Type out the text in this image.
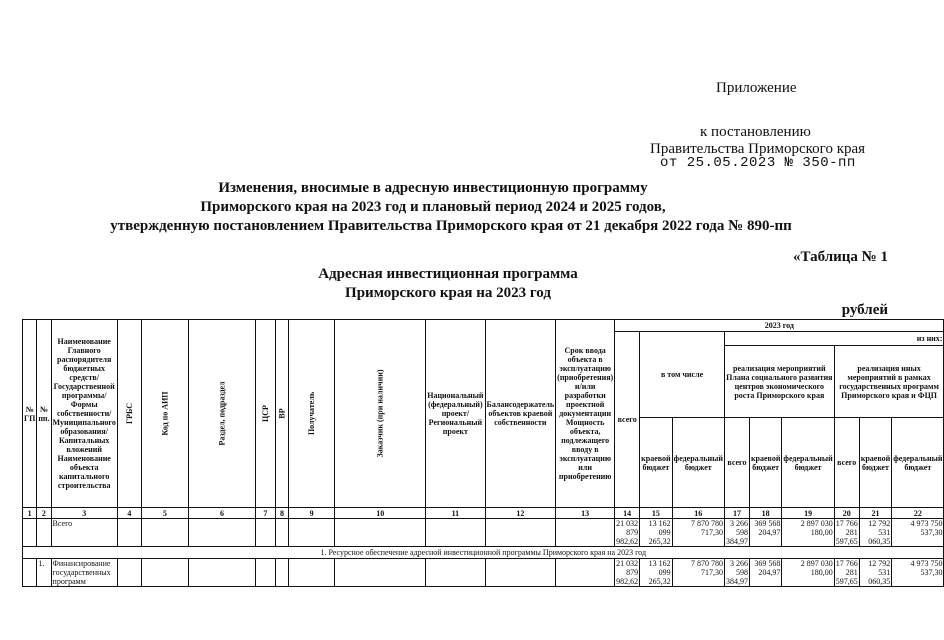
Приложение
к постановлению
Правительства Приморского края
от 25.05.2023 № 350-пп
Изменения, вносимые в адресную инвестиционную программу
Приморского края на 2023 год и плановый период 2024 и 2025 годов,
утвержденную постановлением Правительства Приморского края от 21 декабря 2022 года № 890-пп
«Таблица № 1
Адресная инвестиционная программа
Приморского края на 2023 год
рублей
№ ГП	№ пп.	Наименование Главного распорядителя бюджетных средств/Государственной программы/ Формы собственности/Муниципального образования/Капитальных вложений Наименование объекта капитального строительства	ГРБС	Код по АИП	Раздел, подраздел	ЦСР	ВР	Получатель	Заказчик (при наличии)	Национальный (федеральный) проект/ Региональный проект	Балансодержатель объектов краевой собственности	Срок ввода объекта в эксплуатацию (приобретения) и/или разработки проектной документации Мощность объекта, подлежащего вводу в эксплуатацию или приобретению	2023 год								
													всего	в том числе		из них:					
																реализация мероприятий Плана социального развития центров экономического роста Приморского края			реализация иных мероприятий в рамках государственных программ Приморского края и ФЦП		
														краевой бюджет	федеральный бюджет	всего	краевой бюджет	федеральный бюджет	всего	краевой бюджет	федеральный бюджет
1	2	3	4	5	6	7	8	9	10	11	12	13	14	15	16	17	18	19	20	21	22
		Всего											21 032 879 982,62	13 162 099 265,32	7 870 780 717,30	3 266 598 384,97	369 568 204,97	2 897 030 180,00	17 766 281 597,65	12 792 531 060,35	4 973 750 537,30
1. Ресурсное обеспечение адресной инвестиционной программы Приморского края на 2023 год																					
	1.	Финансирование государственных программ											21 032 879 982,62	13 162 099 265,32	7 870 780 717,30	3 266 598 384,97	369 568 204,97	2 897 030 180,00	17 766 281 597,65	12 792 531 060,35	4 973 750 537,30
